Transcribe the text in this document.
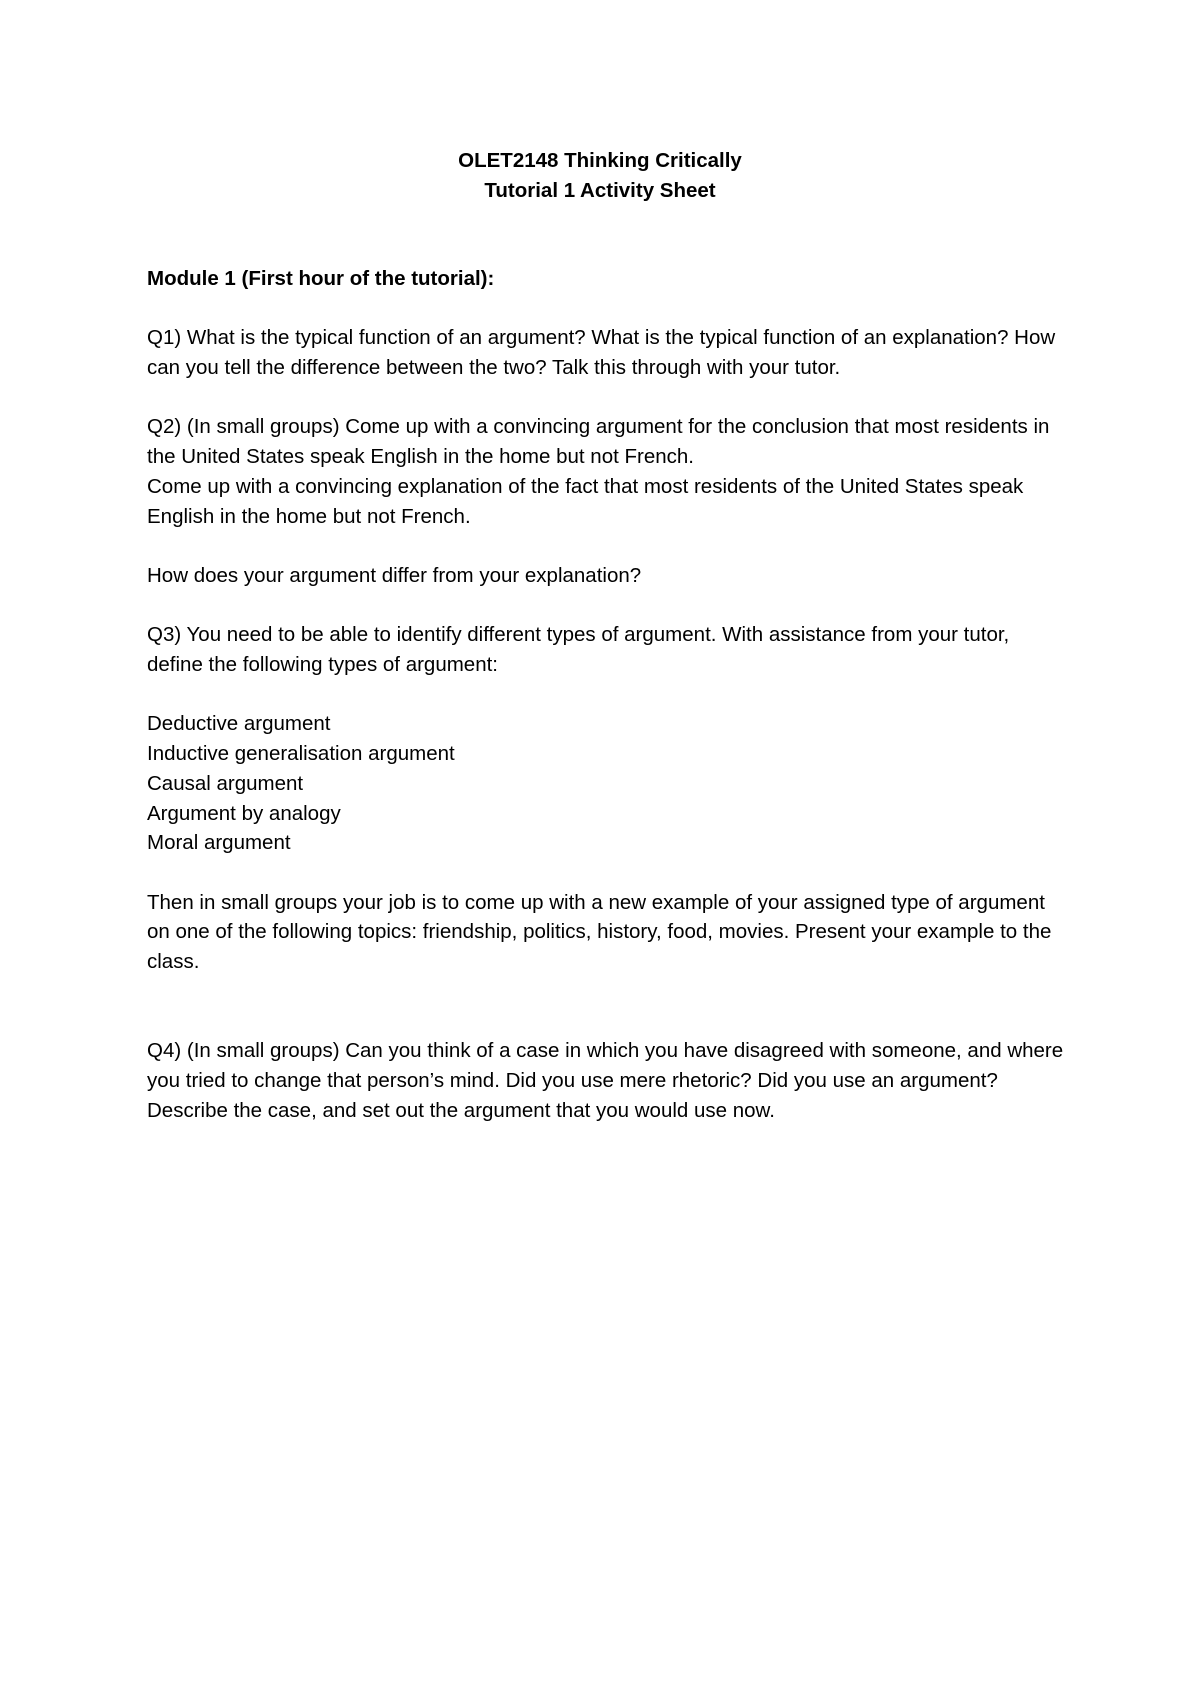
OLET2148 Thinking Critically
Tutorial 1 Activity Sheet

Module 1 (First hour of the tutorial):

Q1) What is the typical function of an argument? What is the typical function of an explanation? How can you tell the difference between the two? Talk this through with your tutor.

Q2) (In small groups) Come up with a convincing argument for the conclusion that most residents in the United States speak English in the home but not French.

Come up with a convincing explanation of the fact that most residents of the United States speak English in the home but not French.

How does your argument differ from your explanation?

Q3) You need to be able to identify different types of argument. With assistance from your tutor, define the following types of argument:

Deductive argument
Inductive generalisation argument
Causal argument
Argument by analogy
Moral argument

Then in small groups your job is to come up with a new example of your assigned type of argument on one of the following topics: friendship, politics, history, food, movies. Present your example to the class.

Q4) (In small groups) Can you think of a case in which you have disagreed with someone, and where you tried to change that person’s mind. Did you use mere rhetoric? Did you use an argument? Describe the case, and set out the argument that you would use now.
